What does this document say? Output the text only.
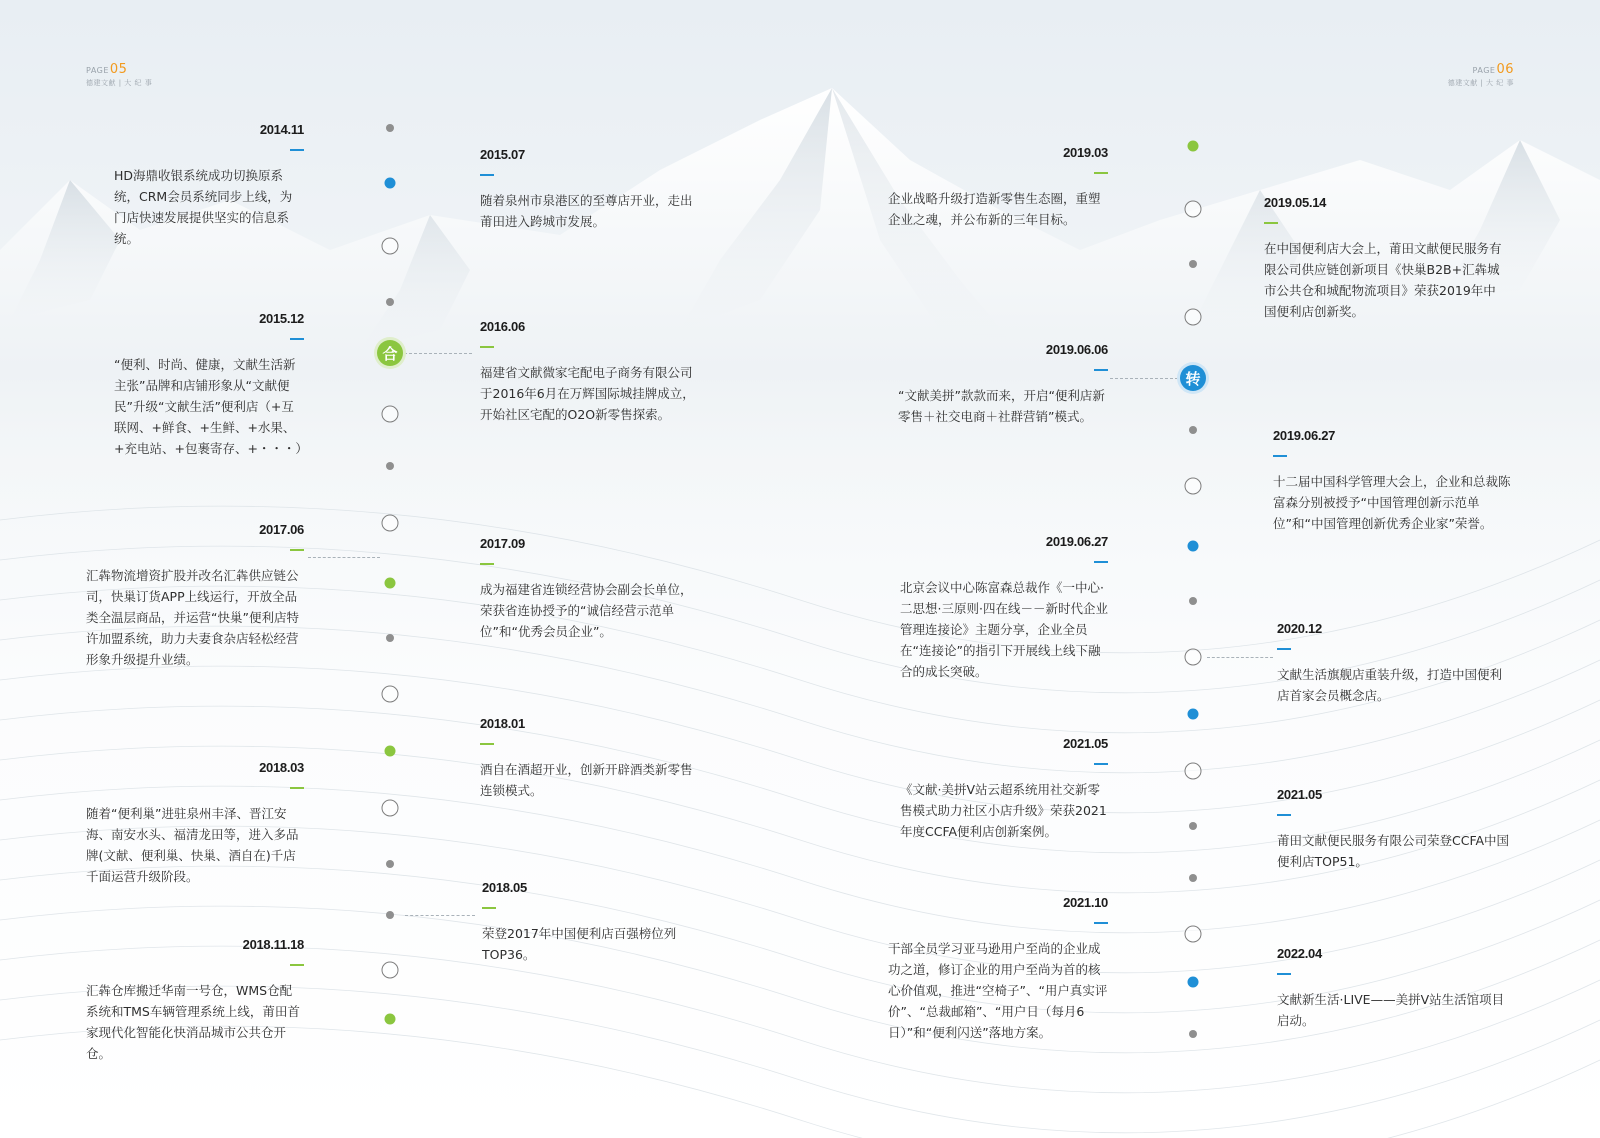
PAGE05
德建文献 | 大 纪 事
PAGE06
德建文献 | 大 纪 事
合
2014.11
HD海鼎收银系统成功切换原系统，CRM会员系统同步上线，为门店快速发展提供坚实的信息系统。
2015.12
“便利、时尚、健康，文献生活新主张”品牌和店铺形象从“文献便民”升级“文献生活”便利店（+互联网、+鲜食、+生鲜、+水果、+充电站、+包裹寄存、+・・・）
2017.06
汇犇物流增资扩股并改名汇犇供应链公司，快巢订货APP上线运行，开放全品类全温层商品，并运营“快巢”便利店特许加盟系统，助力夫妻食杂店轻松经营形象升级提升业绩。
2018.03
随着“便利巢”进驻泉州丰泽、晋江安海、南安水头、福清龙田等，进入多品牌(文献、便利巢、快巢、酒自在)千店千面运营升级阶段。
2018.11.18
汇犇仓库搬迁华南一号仓，WMS仓配系统和TMS车辆管理系统上线，莆田首家现代化智能化快消品城市公共仓开仓。
2015.07
随着泉州市泉港区的至尊店开业，走出莆田进入跨城市发展。
2016.06
福建省文献微家宅配电子商务有限公司于2016年6月在万辉国际城挂牌成立，开始社区宅配的O2O新零售探索。
2017.09
成为福建省连锁经营协会副会长单位，荣获省连协授予的“诚信经营示范单位”和“优秀会员企业”。
2018.01
酒自在酒超开业，创新开辟酒类新零售连锁模式。
2018.05
荣登2017年中国便利店百强榜位列TOP36。
转
2019.03
企业战略升级打造新零售生态圈，重塑企业之魂，并公布新的三年目标。
2019.06.06
“文献美拼”款款而来，开启“便利店新零售＋社交电商＋社群营销”模式。
2019.06.27
北京会议中心陈富森总裁作《一中心·二思想·三原则·四在线－－新时代企业管理连接论》主题分享，企业全员在“连接论”的指引下开展线上线下融合的成长突破。
2021.05
《文献·美拼V站云超系统用社交新零售模式助力社区小店升级》荣获2021年度CCFA便利店创新案例。
2021.10
干部全员学习亚马逊用户至尚的企业成功之道，修订企业的用户至尚为首的核心价值观，推进“空椅子”、“用户真实评价”、“总裁邮箱”、“用户日（每月6日）”和“便利闪送”落地方案。
2019.05.14
在中国便利店大会上，莆田文献便民服务有限公司供应链创新项目《快巢B2B+汇犇城市公共仓和城配物流项目》荣获2019年中国便利店创新奖。
2019.06.27
十二届中国科学管理大会上，企业和总裁陈富森分别被授予“中国管理创新示范单位”和“中国管理创新优秀企业家”荣誉。
2020.12
文献生活旗舰店重装升级，打造中国便利店首家会员概念店。
2021.05
莆田文献便民服务有限公司荣登CCFA中国便利店TOP51。
2022.04
文献新生活·LIVE——美拼V站生活馆项目启动。
